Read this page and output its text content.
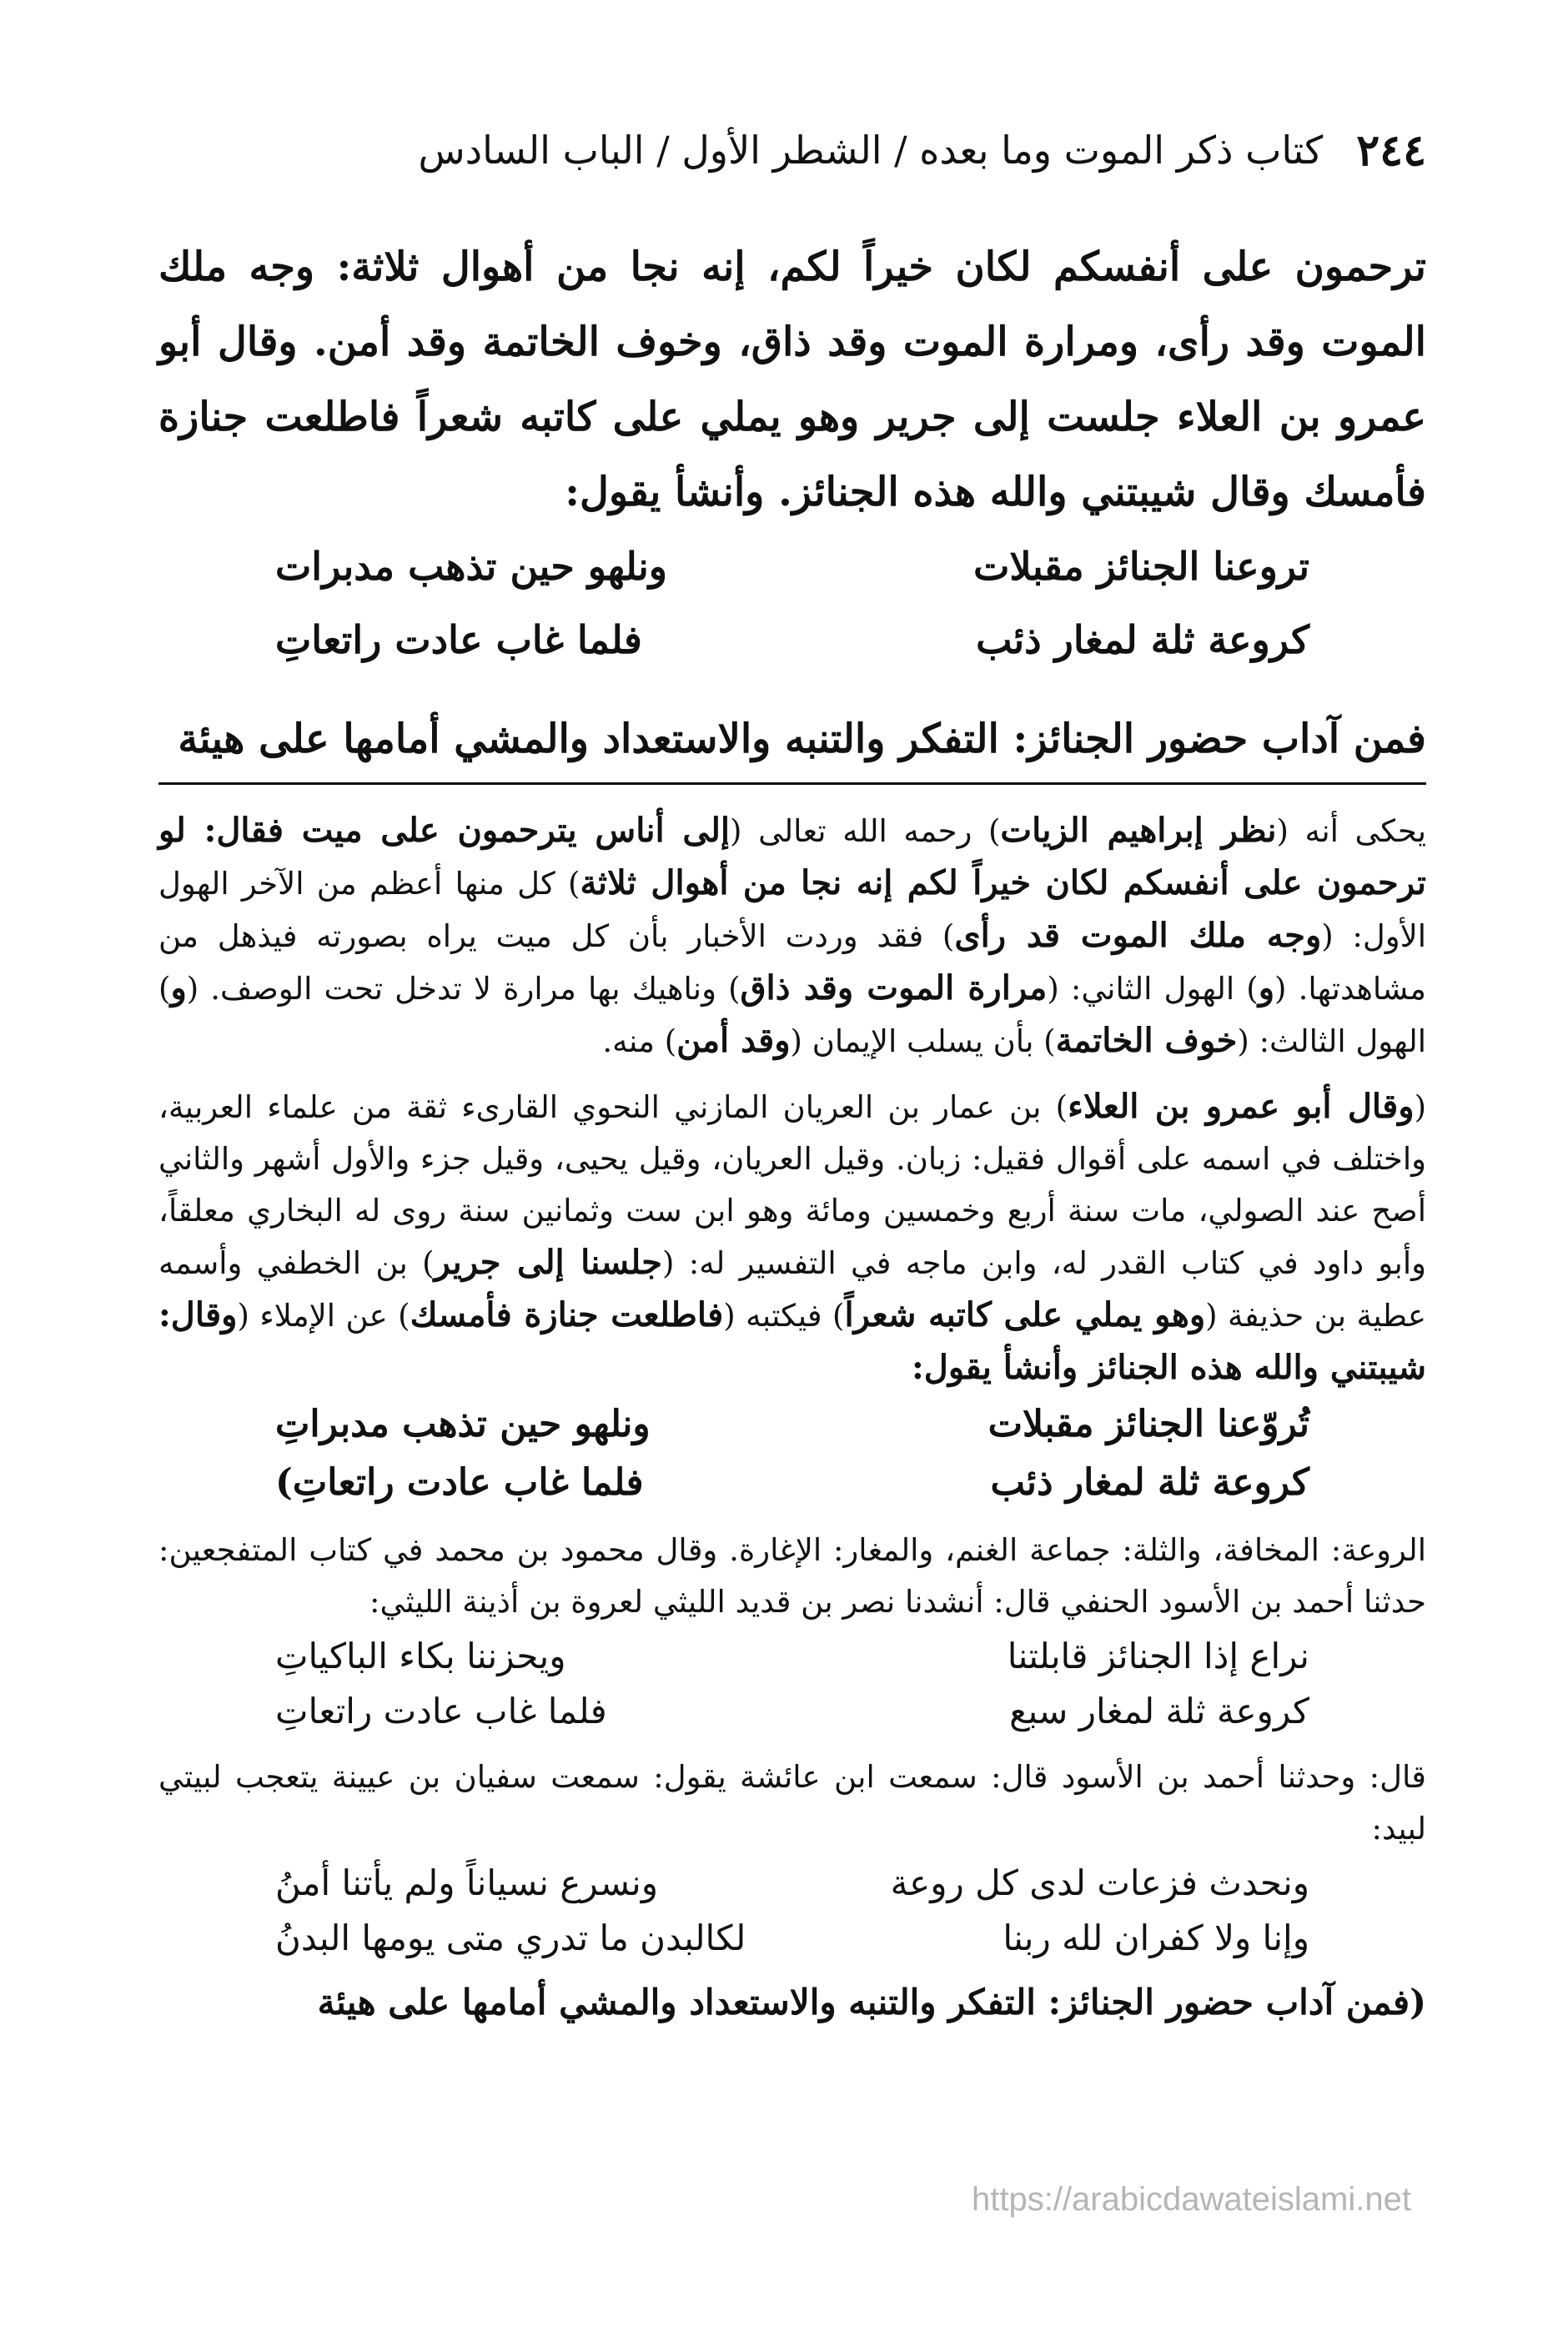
٢٤٤
كتاب ذكر الموت وما بعده / الشطر الأول / الباب السادس

ترحمون على أنفسكم لكان خيراً لكم، إنه نجا من أهوال ثلاثة: وجه ملك الموت وقد رأى، ومرارة الموت وقد ذاق، وخوف الخاتمة وقد أمن. وقال أبو عمرو بن العلاء جلست إلى جرير وهو يملي على كاتبه شعراً فاطلعت جنازة فأمسك وقال شيبتني والله هذه الجنائز. وأنشأ يقول:

تروعنا الجنائز مقبلات
ونلهو حين تذهب مدبرات
كروعة ثلة لمغار ذئب
فلما غاب عادت راتعاتِ

فمن آداب حضور الجنائز: التفكر والتنبه والاستعداد والمشي أمامها على هيئة

يحكى أنه (نظر إبراهيم الزيات) رحمه الله تعالى (إلى أناس يترحمون على ميت فقال: لو ترحمون على أنفسكم لكان خيراً لكم إنه نجا من أهوال ثلاثة) كل منها أعظم من الآخر الهول الأول: (وجه ملك الموت قد رأى) فقد وردت الأخبار بأن كل ميت يراه بصورته فيذهل من مشاهدتها. (و) الهول الثاني: (مرارة الموت وقد ذاق) وناهيك بها مرارة لا تدخل تحت الوصف. (و) الهول الثالث: (خوف الخاتمة) بأن يسلب الإيمان (وقد أمن) منه.

(وقال أبو عمرو بن العلاء) بن عمار بن العريان المازني النحوي القارىء ثقة من علماء العربية، واختلف في اسمه على أقوال فقيل: زبان. وقيل العريان، وقيل يحيى، وقيل جزء والأول أشهر والثاني أصح عند الصولي، مات سنة أربع وخمسين ومائة وهو ابن ست وثمانين سنة روى له البخاري معلقاً، وأبو داود في كتاب القدر له، وابن ماجه في التفسير له: (جلسنا إلى جرير) بن الخطفي وأسمه عطية بن حذيفة (وهو يملي على كاتبه شعراً) فيكتبه (فاطلعت جنازة فأمسك) عن الإملاء (وقال: شيبتني والله هذه الجنائز وأنشأ يقول:

تُروّعنا الجنائز مقبلات
ونلهو حين تذهب مدبراتِ
كروعة ثلة لمغار ذئب
فلما غاب عادت راتعاتِ)

الروعة: المخافة، والثلة: جماعة الغنم، والمغار: الإغارة. وقال محمود بن محمد في كتاب المتفجعين: حدثنا أحمد بن الأسود الحنفي قال: أنشدنا نصر بن قديد الليثي لعروة بن أذينة الليثي:

نراع إذا الجنائز قابلتنا
ويحزننا بكاء الباكياتِ
كروعة ثلة لمغار سبع
فلما غاب عادت راتعاتِ

قال: وحدثنا أحمد بن الأسود قال: سمعت ابن عائشة يقول: سمعت سفيان بن عيينة يتعجب لبيتي لبيد:

ونحدث فزعات لدى كل روعة
ونسرع نسياناً ولم يأتنا أمنُ
وإنا ولا كفران لله ربنا
لكالبدن ما تدري متى يومها البدنُ

(فمن آداب حضور الجنائز: التفكر والتنبه والاستعداد والمشي أمامها على هيئة

https://arabicdawateislami.net
